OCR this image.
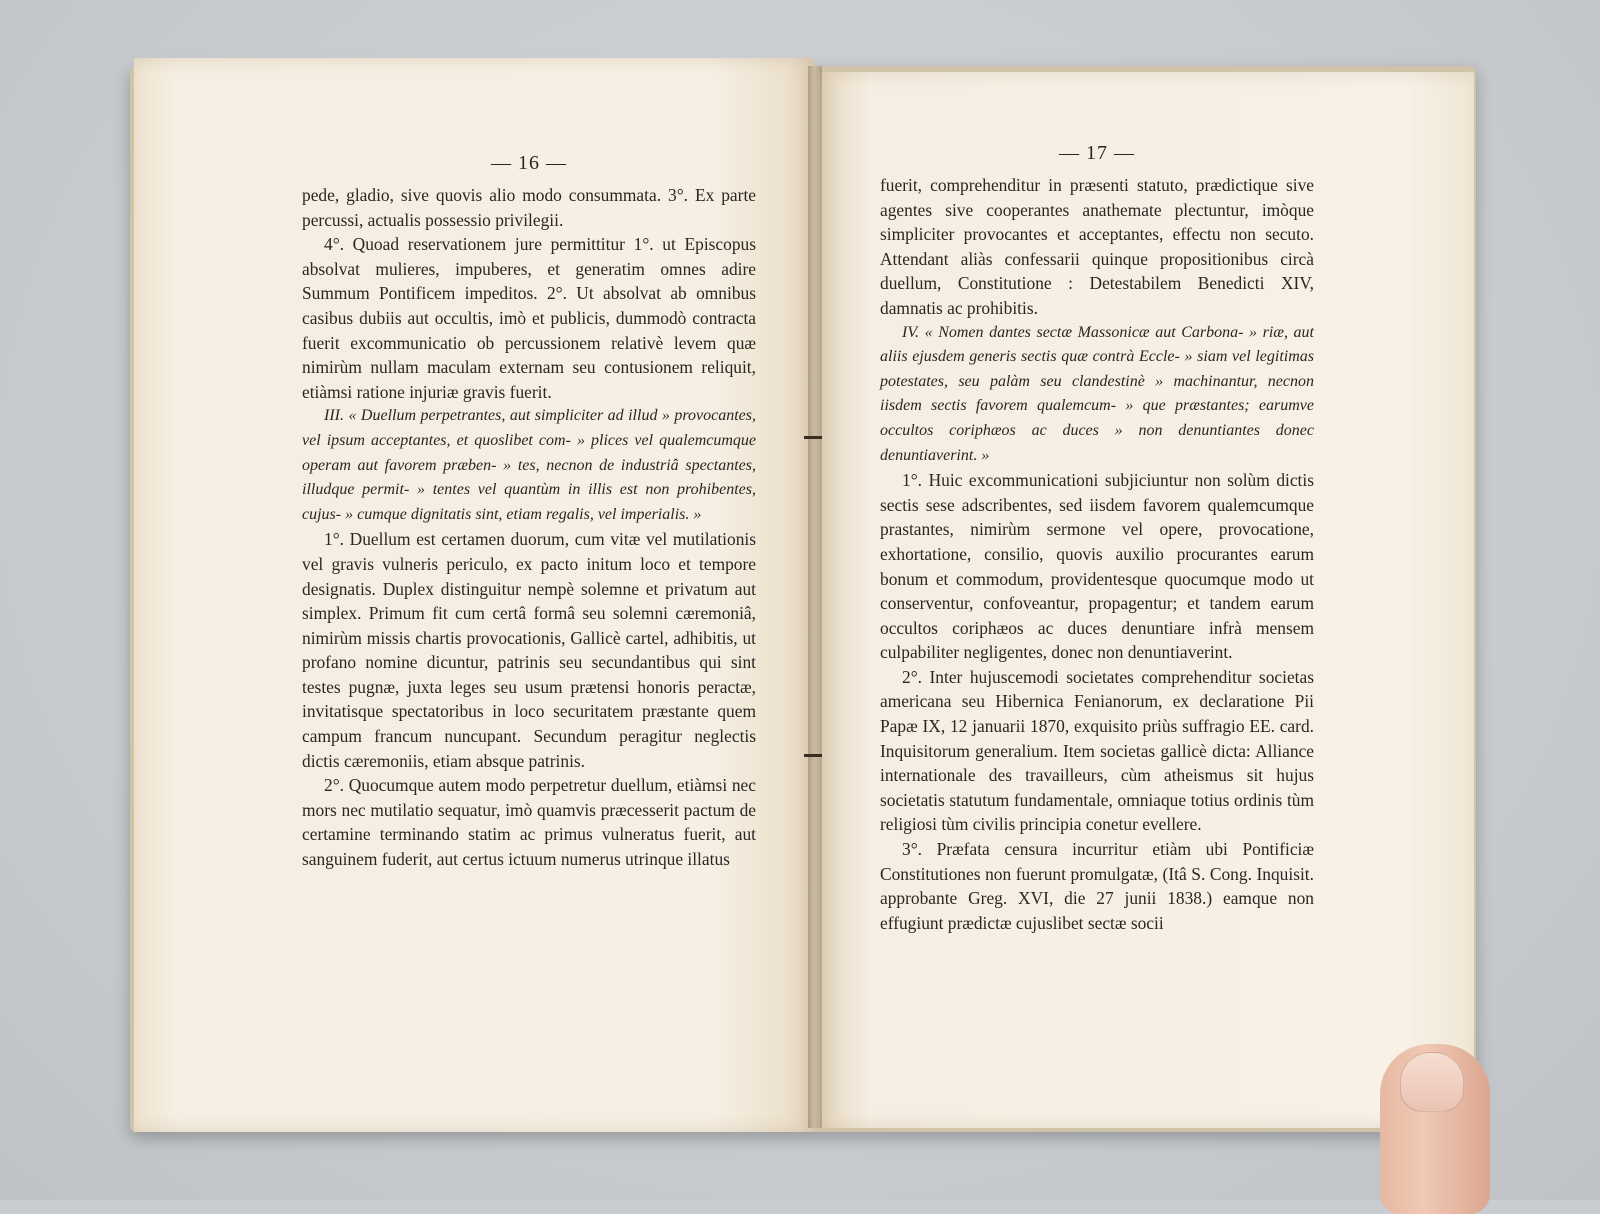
— 16 —

pede, gladio, sive quovis alio modo consummata. 3°. Ex parte percussi, actualis possessio privilegii.

4°. Quoad reservationem jure permittitur 1°. ut Episcopus absolvat mulieres, impuberes, et generatim omnes adire Summum Pontificem impeditos. 2°. Ut absolvat ab omnibus casibus dubiis aut occultis, imò et publicis, dummodò contracta fuerit excommunicatio ob percussionem relativè levem quæ nimirùm nullam maculam externam seu contusionem reliquit, etiàmsi ratione injuriæ gravis fuerit.

III. « Duellum perpetrantes, aut simpliciter ad illud » provocantes, vel ipsum acceptantes, et quoslibet com- » plices vel qualemcumque operam aut favorem præben- » tes, necnon de industriâ spectantes, illudque permit- » tentes vel quantùm in illis est non prohibentes, cujus- » cumque dignitatis sint, etiam regalis, vel imperialis. »

1°. Duellum est certamen duorum, cum vitæ vel mutilationis vel gravis vulneris periculo, ex pacto initum loco et tempore designatis. Duplex distinguitur nempè solemne et privatum aut simplex. Primum fit cum certâ formâ seu solemni cæremoniâ, nimirùm missis chartis provocationis, Gallicè cartel, adhibitis, ut profano nomine dicuntur, patrinis seu secundantibus qui sint testes pugnæ, juxta leges seu usum prætensi honoris peractæ, invitatisque spectatoribus in loco securitatem præstante quem campum francum nuncupant. Secundum peragitur neglectis dictis cæremoniis, etiam absque patrinis.

2°. Quocumque autem modo perpetretur duellum, etiàmsi nec mors nec mutilatio sequatur, imò quamvis præcesserit pactum de certamine terminando statim ac primus vulneratus fuerit, aut sanguinem fuderit, aut certus ictuum numerus utrinque illatus

— 17 —

fuerit, comprehenditur in præsenti statuto, prædictique sive agentes sive cooperantes anathemate plectuntur, imòque simpliciter provocantes et acceptantes, effectu non secuto. Attendant aliàs confessarii quinque propositionibus circà duellum, Constitutione : Detestabilem Benedicti XIV, damnatis ac prohibitis.

IV. « Nomen dantes sectæ Massonicæ aut Carbona- » riæ, aut aliis ejusdem generis sectis quæ contrà Eccle- » siam vel legitimas potestates, seu palàm seu clandestinè » machinantur, necnon iisdem sectis favorem qualemcum- » que præstantes; earumve occultos coriphæos ac duces » non denuntiantes donec denuntiaverint. »

1°. Huic excommunicationi subjiciuntur non solùm dictis sectis sese adscribentes, sed iisdem favorem qualemcumque prastantes, nimirùm sermone vel opere, provocatione, exhortatione, consilio, quovis auxilio procurantes earum bonum et commodum, providentesque quocumque modo ut conserventur, confoveantur, propagentur; et tandem earum occultos coriphæos ac duces denuntiare infrà mensem culpabiliter negligentes, donec non denuntiaverint.

2°. Inter hujuscemodi societates comprehenditur societas americana seu Hibernica Fenianorum, ex declaratione Pii Papæ IX, 12 januarii 1870, exquisito priùs suffragio EE. card. Inquisitorum generalium. Item societas gallicè dicta: Alliance internationale des travailleurs, cùm atheismus sit hujus societatis statutum fundamentale, omniaque totius ordinis tùm religiosi tùm civilis principia conetur evellere.

3°. Præfata censura incurritur etiàm ubi Pontificiæ Constitutiones non fuerunt promulgatæ, (Itâ S. Cong. Inquisit. approbante Greg. XVI, die 27 junii 1838.) eamque non effugiunt prædictæ cujuslibet sectæ socii
